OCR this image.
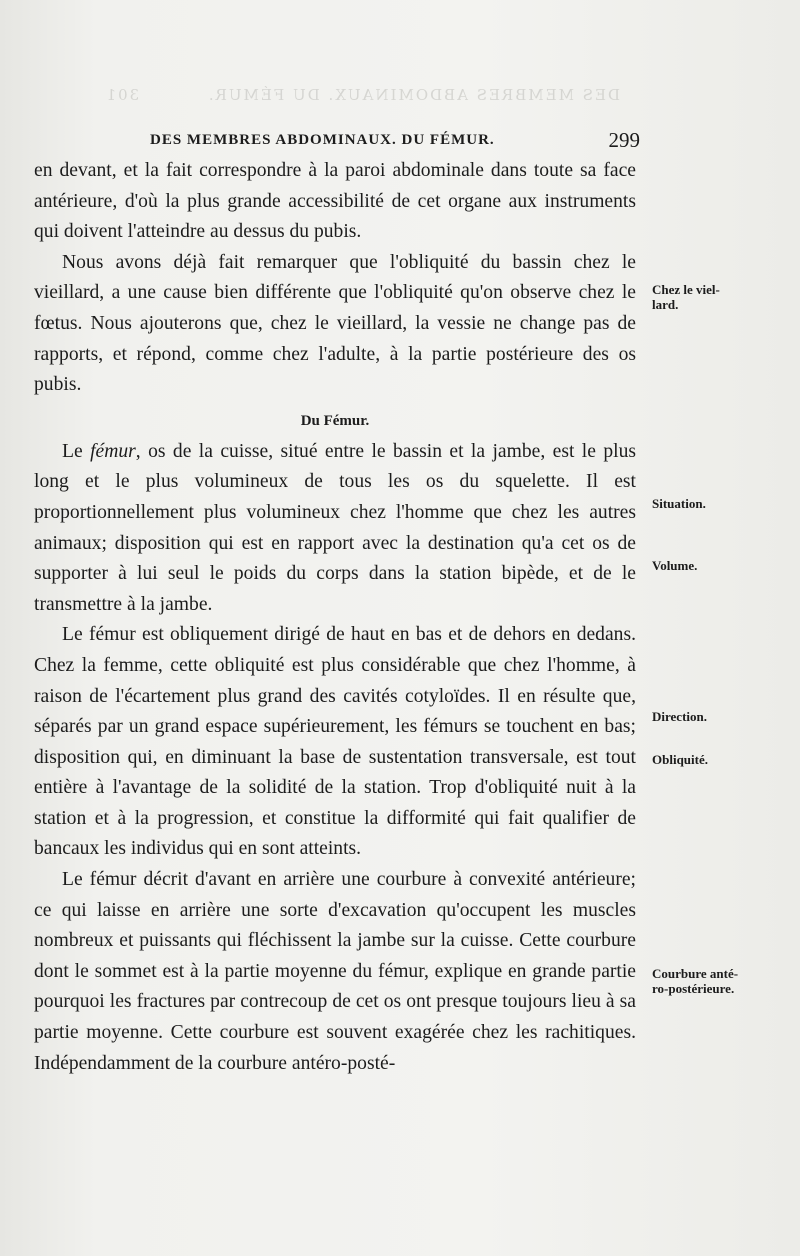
DES MEMBRES ABDOMINAUX. DU FÉMUR.          301
DES MEMBRES ABDOMINAUX. DU FÉMUR.	299

en devant, et la fait correspondre à la paroi abdominale dans toute sa face antérieure, d'où la plus grande accessibilité de cet organe aux instruments qui doivent l'atteindre au dessus du pubis.

Nous avons déjà fait remarquer que l'obliquité du bassin chez le vieillard, a une cause bien différente que l'obliquité qu'on observe chez le fœtus. Nous ajouterons que, chez le vieillard, la vessie ne change pas de rapports, et répond, comme chez l'adulte, à la partie postérieure des os pubis.

Du Fémur.

Le fémur, os de la cuisse, situé entre le bassin et la jambe, est le plus long et le plus volumineux de tous les os du squelette. Il est proportionnellement plus volumineux chez l'homme que chez les autres animaux; disposition qui est en rapport avec la destination qu'a cet os de supporter à lui seul le poids du corps dans la station bipède, et de le transmettre à la jambe.

Le fémur est obliquement dirigé de haut en bas et de dehors en dedans. Chez la femme, cette obliquité est plus considérable que chez l'homme, à raison de l'écartement plus grand des cavités cotyloïdes. Il en résulte que, séparés par un grand espace supérieurement, les fémurs se touchent en bas; disposition qui, en diminuant la base de sustentation transversale, est tout entière à l'avantage de la solidité de la station. Trop d'obliquité nuit à la station et à la progression, et constitue la difformité qui fait qualifier de bancaux les individus qui en sont atteints.

Le fémur décrit d'avant en arrière une courbure à convexité antérieure; ce qui laisse en arrière une sorte d'excavation qu'occupent les muscles nombreux et puissants qui fléchissent la jambe sur la cuisse. Cette courbure dont le sommet est à la partie moyenne du fémur, explique en grande partie pourquoi les fractures par contrecoup de cet os ont presque toujours lieu à sa partie moyenne. Cette courbure est souvent exagérée chez les rachitiques. Indépendamment de la courbure antéro-posté-

Chez le viel-
lard.
Situation.
Volume.
Direction.
Obliquité.
Courbure anté-
ro-postérieure.
